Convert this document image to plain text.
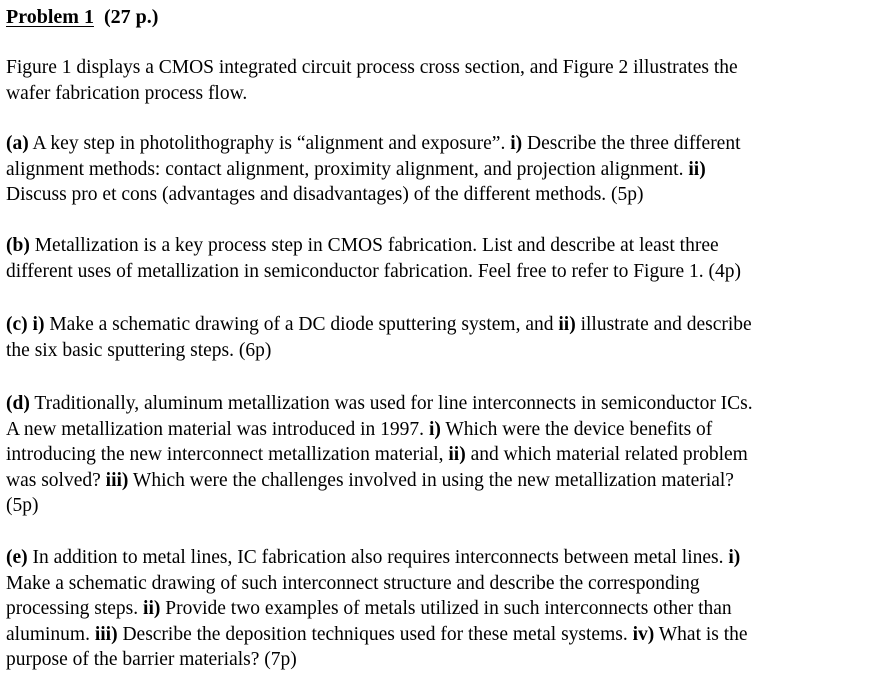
Problem 1 (27 p.)

Figure 1 displays a CMOS integrated circuit process cross section, and Figure 2 illustrates the
wafer fabrication process flow.

(a) A key step in photolithography is “alignment and exposure”. i) Describe the three different
alignment methods: contact alignment, proximity alignment, and projection alignment. ii)
Discuss pro et cons (advantages and disadvantages) of the different methods. (5p)

(b) Metallization is a key process step in CMOS fabrication. List and describe at least three
different uses of metallization in semiconductor fabrication. Feel free to refer to Figure 1. (4p)

(c) i) Make a schematic drawing of a DC diode sputtering system, and ii) illustrate and describe
the six basic sputtering steps. (6p)

(d) Traditionally, aluminum metallization was used for line interconnects in semiconductor ICs.
A new metallization material was introduced in 1997. i) Which were the device benefits of
introducing the new interconnect metallization material, ii) and which material related problem
was solved? iii) Which were the challenges involved in using the new metallization material?
(5p)

(e) In addition to metal lines, IC fabrication also requires interconnects between metal lines. i)
Make a schematic drawing of such interconnect structure and describe the corresponding
processing steps. ii) Provide two examples of metals utilized in such interconnects other than
aluminum. iii) Describe the deposition techniques used for these metal systems. iv) What is the
purpose of the barrier materials? (7p)
